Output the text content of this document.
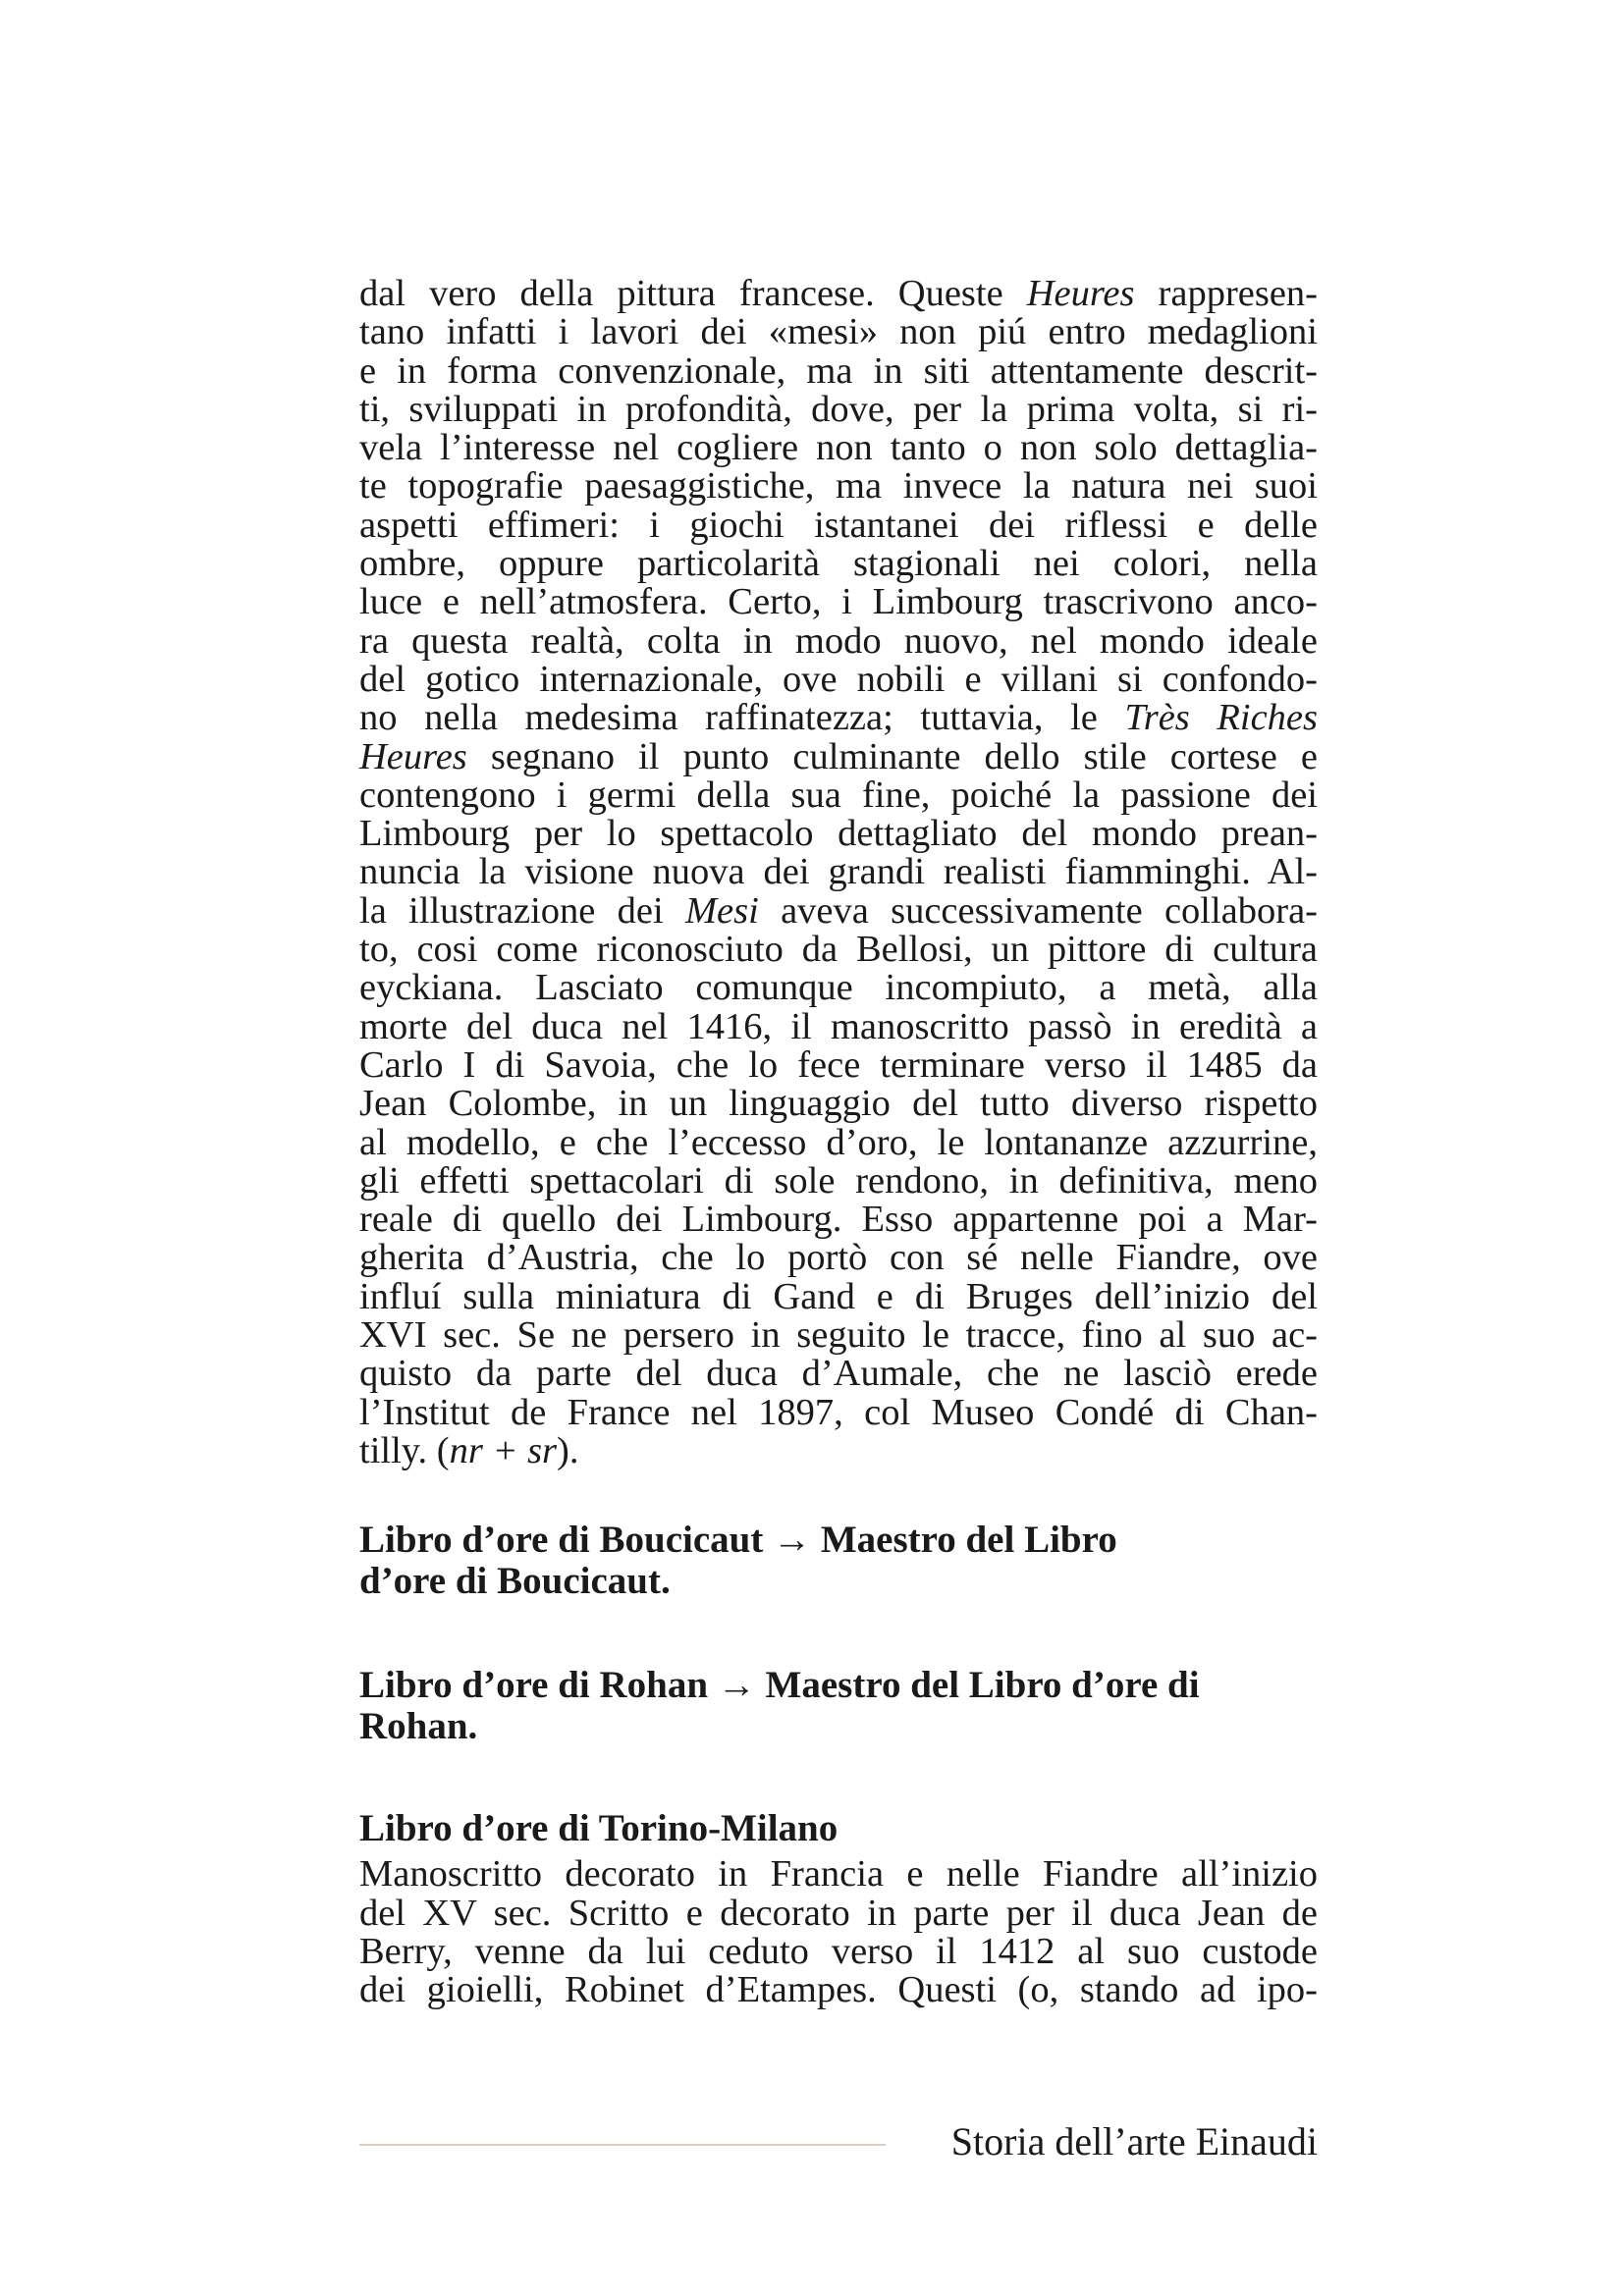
dal vero della pittura francese. Queste Heures rappresen-
tano infatti i lavori dei «mesi» non piú entro medaglioni
e in forma convenzionale, ma in siti attentamente descrit-
ti, sviluppati in profondità, dove, per la prima volta, si ri-
vela l’interesse nel cogliere non tanto o non solo dettaglia-
te topografie paesaggistiche, ma invece la natura nei suoi
aspetti effimeri: i giochi istantanei dei riflessi e delle
ombre, oppure particolarità stagionali nei colori, nella
luce e nell’atmosfera. Certo, i Limbourg trascrivono anco-
ra questa realtà, colta in modo nuovo, nel mondo ideale
del gotico internazionale, ove nobili e villani si confondo-
no nella medesima raffinatezza; tuttavia, le Très Riches
Heures segnano il punto culminante dello stile cortese e
contengono i germi della sua fine, poiché la passione dei
Limbourg per lo spettacolo dettagliato del mondo prean-
nuncia la visione nuova dei grandi realisti fiamminghi. Al-
la illustrazione dei Mesi aveva successivamente collabora-
to, cosi come riconosciuto da Bellosi, un pittore di cultura
eyckiana. Lasciato comunque incompiuto, a metà, alla
morte del duca nel 1416, il manoscritto passò in eredità a
Carlo I di Savoia, che lo fece terminare verso il 1485 da
Jean Colombe, in un linguaggio del tutto diverso rispetto
al modello, e che l’eccesso d’oro, le lontananze azzurrine,
gli effetti spettacolari di sole rendono, in definitiva, meno
reale di quello dei Limbourg. Esso appartenne poi a Mar-
gherita d’Austria, che lo portò con sé nelle Fiandre, ove
influí sulla miniatura di Gand e di Bruges dell’inizio del
XVI sec. Se ne persero in seguito le tracce, fino al suo ac-
quisto da parte del duca d’Aumale, che ne lasciò erede
l’Institut de France nel 1897, col Museo Condé di Chan-
tilly. (nr + sr).
Libro d’ore di Boucicaut → Maestro del Libro
d’ore di Boucicaut.
Libro d’ore di Rohan → Maestro del Libro d’ore di
Rohan.
Libro d’ore di Torino-Milano
Manoscritto decorato in Francia e nelle Fiandre all’inizio
del XV sec. Scritto e decorato in parte per il duca Jean de
Berry, venne da lui ceduto verso il 1412 al suo custode
dei gioielli, Robinet d’Etampes. Questi (o, stando ad ipo-
Storia dell’arte Einaudi
